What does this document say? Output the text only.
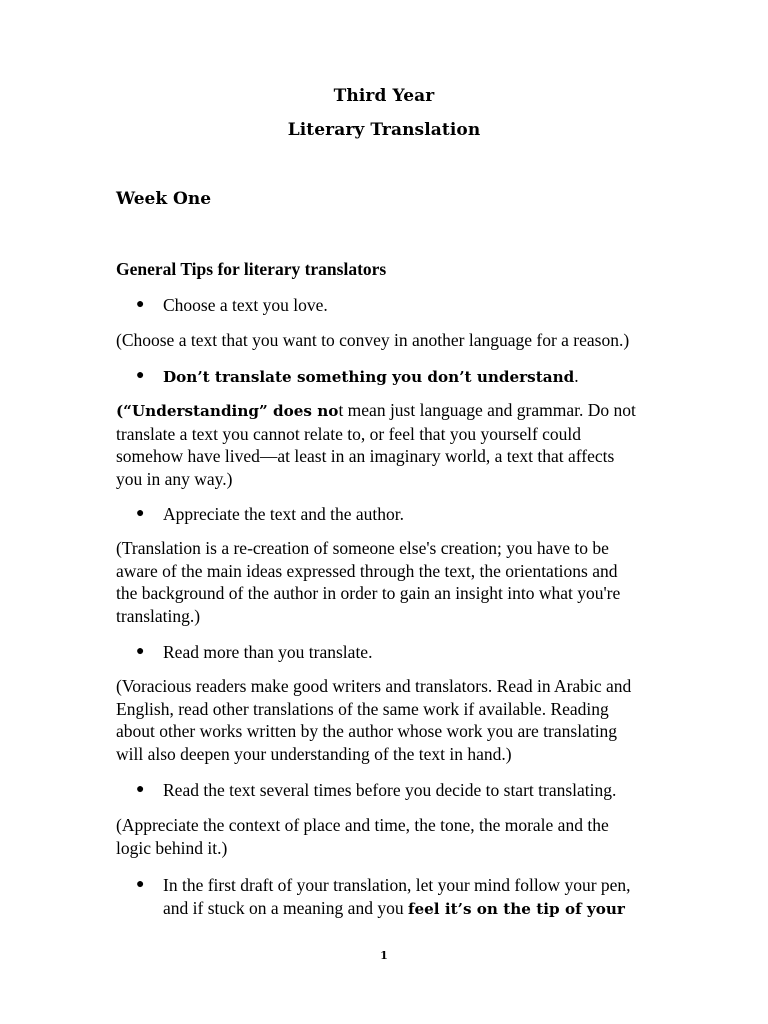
Third Year
Literary Translation
Week One
General Tips for literary translators
● Choose a text you love.
(Choose a text that you want to convey in another language for a reason.)
● Don’t translate something you don’t understand.
(“Understanding” does not mean just language and grammar. Do not
translate a text you cannot relate to, or feel that you yourself could
somehow have lived—at least in an imaginary world, a text that affects
you in any way.)
● Appreciate the text and the author.
(Translation is a re-creation of someone else's creation; you have to be
aware of the main ideas expressed through the text, the orientations and
the background of the author in order to gain an insight into what you're
translating.)
● Read more than you translate.
(Voracious readers make good writers and translators. Read in Arabic and
English, read other translations of the same work if available. Reading
about other works written by the author whose work you are translating
will also deepen your understanding of the text in hand.)
● Read the text several times before you decide to start translating.
(Appreciate the context of place and time, the tone, the morale and the
logic behind it.)
● In the first draft of your translation, let your mind follow your pen,
and if stuck on a meaning and you feel it’s on the tip of your
1
